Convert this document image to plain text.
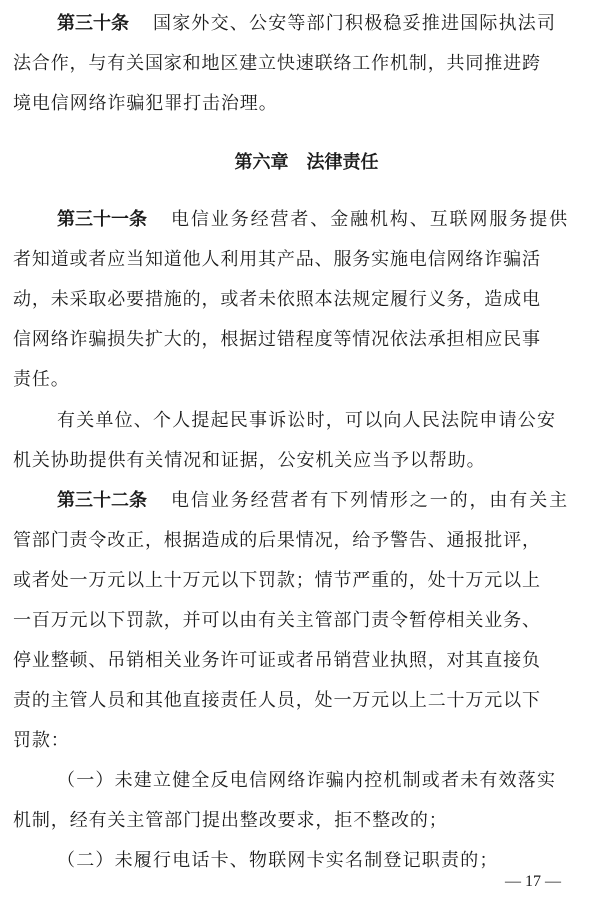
第三十条 国家外交、公安等部门积极稳妥推进国际执法司
法合作，与有关国家和地区建立快速联络工作机制，共同推进跨
境电信网络诈骗犯罪打击治理。
第六章　法律责任
第三十一条 电信业务经营者、金融机构、互联网服务提供
者知道或者应当知道他人利用其产品、服务实施电信网络诈骗活
动，未采取必要措施的，或者未依照本法规定履行义务，造成电
信网络诈骗损失扩大的，根据过错程度等情况依法承担相应民事
责任。
有关单位、个人提起民事诉讼时，可以向人民法院申请公安
机关协助提供有关情况和证据，公安机关应当予以帮助。
第三十二条 电信业务经营者有下列情形之一的，由有关主
管部门责令改正，根据造成的后果情况，给予警告、通报批评，
或者处一万元以上十万元以下罚款；情节严重的，处十万元以上
一百万元以下罚款，并可以由有关主管部门责令暂停相关业务、
停业整顿、吊销相关业务许可证或者吊销营业执照，对其直接负
责的主管人员和其他直接责任人员，处一万元以上二十万元以下
罚款：
（一）未建立健全反电信网络诈骗内控机制或者未有效落实
机制，经有关主管部门提出整改要求，拒不整改的；
（二）未履行电话卡、物联网卡实名制登记职责的；
— 17 —
